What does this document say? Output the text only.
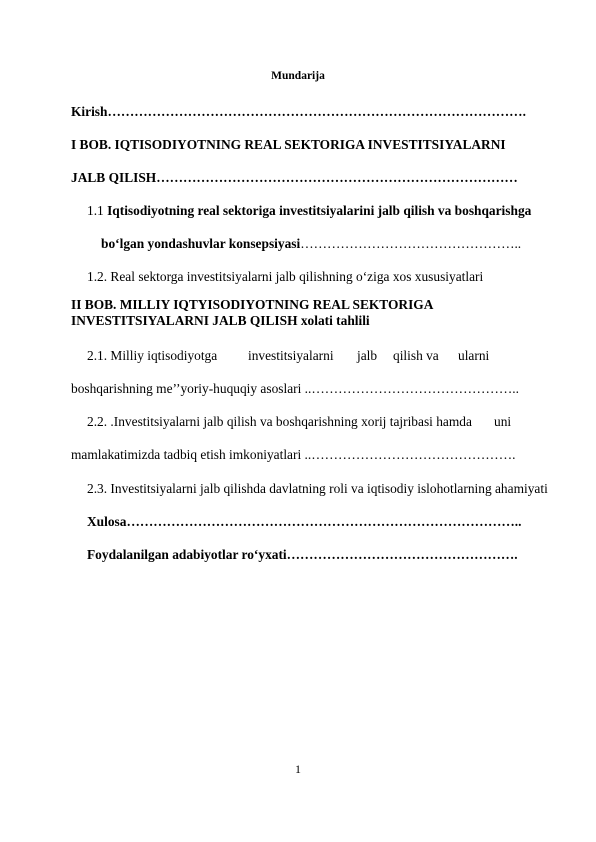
Mundarija
Kirish………………………………………………………………………………….
I BOB. IQTISODIYOTNING REAL SEKTORIGA INVESTITSIYALARNI
JALB QILISH………………………………………………………………………
1.1 Iqtisodiyotning real sektoriga investitsiyalarini jalb qilish va boshqarishga
bo‘lgan yondashuvlar konsepsiyasi…………………………………………..
1.2. Real sektorga investitsiyalarni jalb qilishning o‘ziga xos xususiyatlari
II BOB. MILLIY IQTYISODIYOTNING REAL SEKTORIGA
INVESTITSIYALARNI JALB QILISH xolati tahlili
2.1. Milliy iqtisodiyotga investitsiyalarni jalb qilish va ularni
boshqarishning me’’yoriy-huquqiy asoslari ..………………………………………..
2.2. .Investitsiyalarni jalb qilish va boshqarishning xorij tajribasi hamda uni
mamlakatimizda tadbiq etish imkoniyatlari ..……………………………………….
2.3. Investitsiyalarni jalb qilishda davlatning roli va iqtisodiy islohotlarning ahamiyati
Xulosa……………………………………………………………………………..
Foydalanilgan adabiyotlar ro‘yxati…………………………………………….
1
